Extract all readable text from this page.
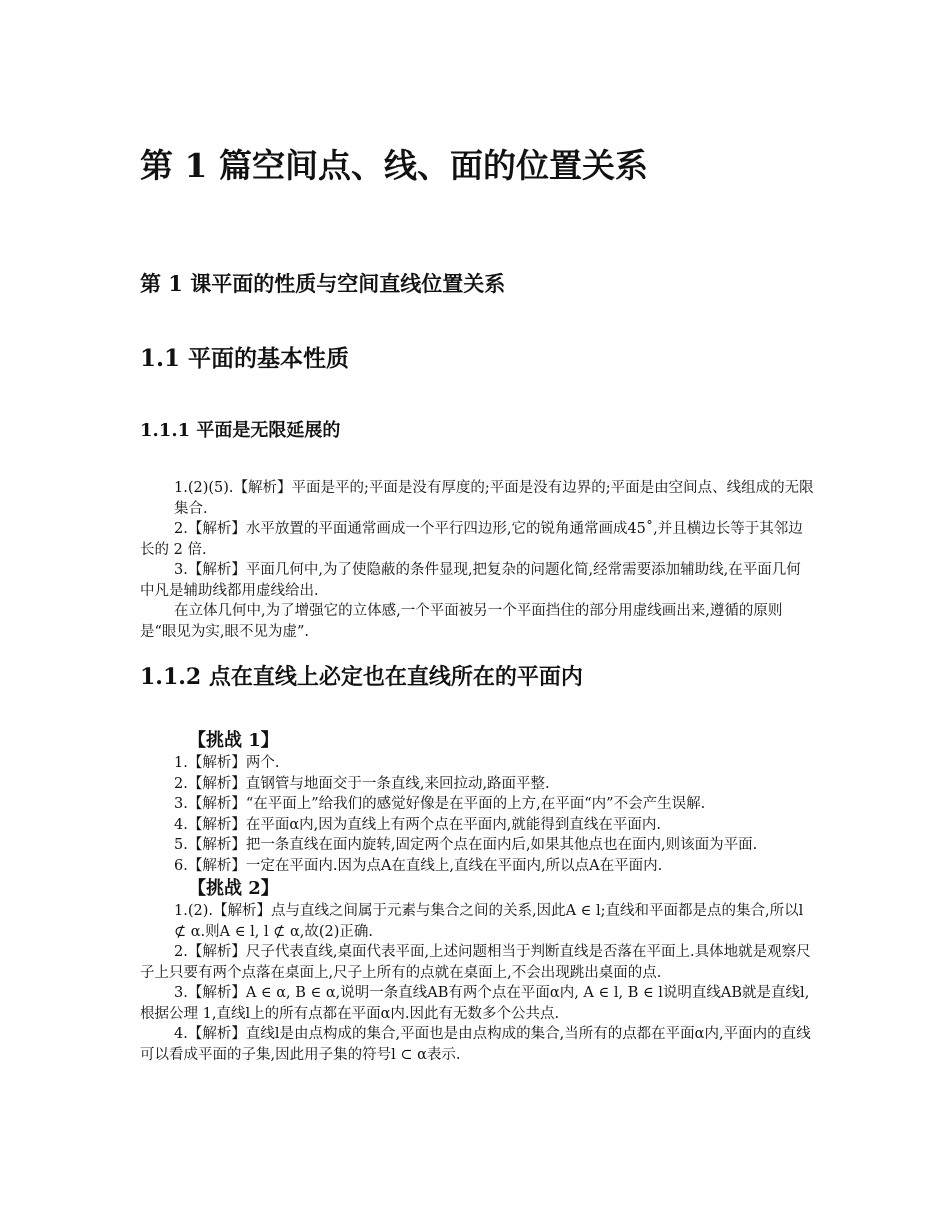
第 1 篇空间点、线、面的位置关系
第 1 课平面的性质与空间直线位置关系
1.1 平面的基本性质
1.1.1 平面是无限延展的

1.(2)(5).【解析】平面是平的;平面是没有厚度的;平面是没有边界的;平面是由空间点、线组成的无限集合.

2.【解析】水平放置的平面通常画成一个平行四边形,它的锐角通常画成45˚,并且横边长等于其邻边长的 2 倍.

3.【解析】平面几何中,为了使隐蔽的条件显现,把复杂的问题化简,经常需要添加辅助线,在平面几何中凡是辅助线都用虚线给出.

在立体几何中,为了增强它的立体感,一个平面被另一个平面挡住的部分用虚线画出来,遵循的原则是“眼见为实,眼不见为虚”.

1.1.2 点在直线上必定也在直线所在的平面内
【挑战 1】

1.【解析】两个.

2.【解析】直钢管与地面交于一条直线,来回拉动,路面平整.

3.【解析】“在平面上”给我们的感觉好像是在平面的上方,在平面“内”不会产生误解.

4.【解析】在平面α内,因为直线上有两个点在平面内,就能得到直线在平面内.

5.【解析】把一条直线在面内旋转,固定两个点在面内后,如果其他点也在面内,则该面为平面.

6.【解析】一定在平面内.因为点A在直线上,直线在平面内,所以点A在平面内.

【挑战 2】

1.(2).【解析】点与直线之间属于元素与集合之间的关系,因此A ∈ l;直线和平面都是点的集合,所以l ⊄ α.则A ∈ l, l ⊄ α,故(2)正确.

2.【解析】尺子代表直线,桌面代表平面,上述问题相当于判断直线是否落在平面上.具体地就是观察尺子上只要有两个点落在桌面上,尺子上所有的点就在桌面上,不会出现跳出桌面的点.

3.【解析】A ∈ α, B ∈ α,说明一条直线AB有两个点在平面α内, A ∈ l, B ∈ l说明直线AB就是直线l,根据公理 1,直线l上的所有点都在平面α内.因此有无数多个公共点.

4.【解析】直线l是由点构成的集合,平面也是由点构成的集合,当所有的点都在平面α内,平面内的直线可以看成平面的子集,因此用子集的符号l ⊂ α表示.
